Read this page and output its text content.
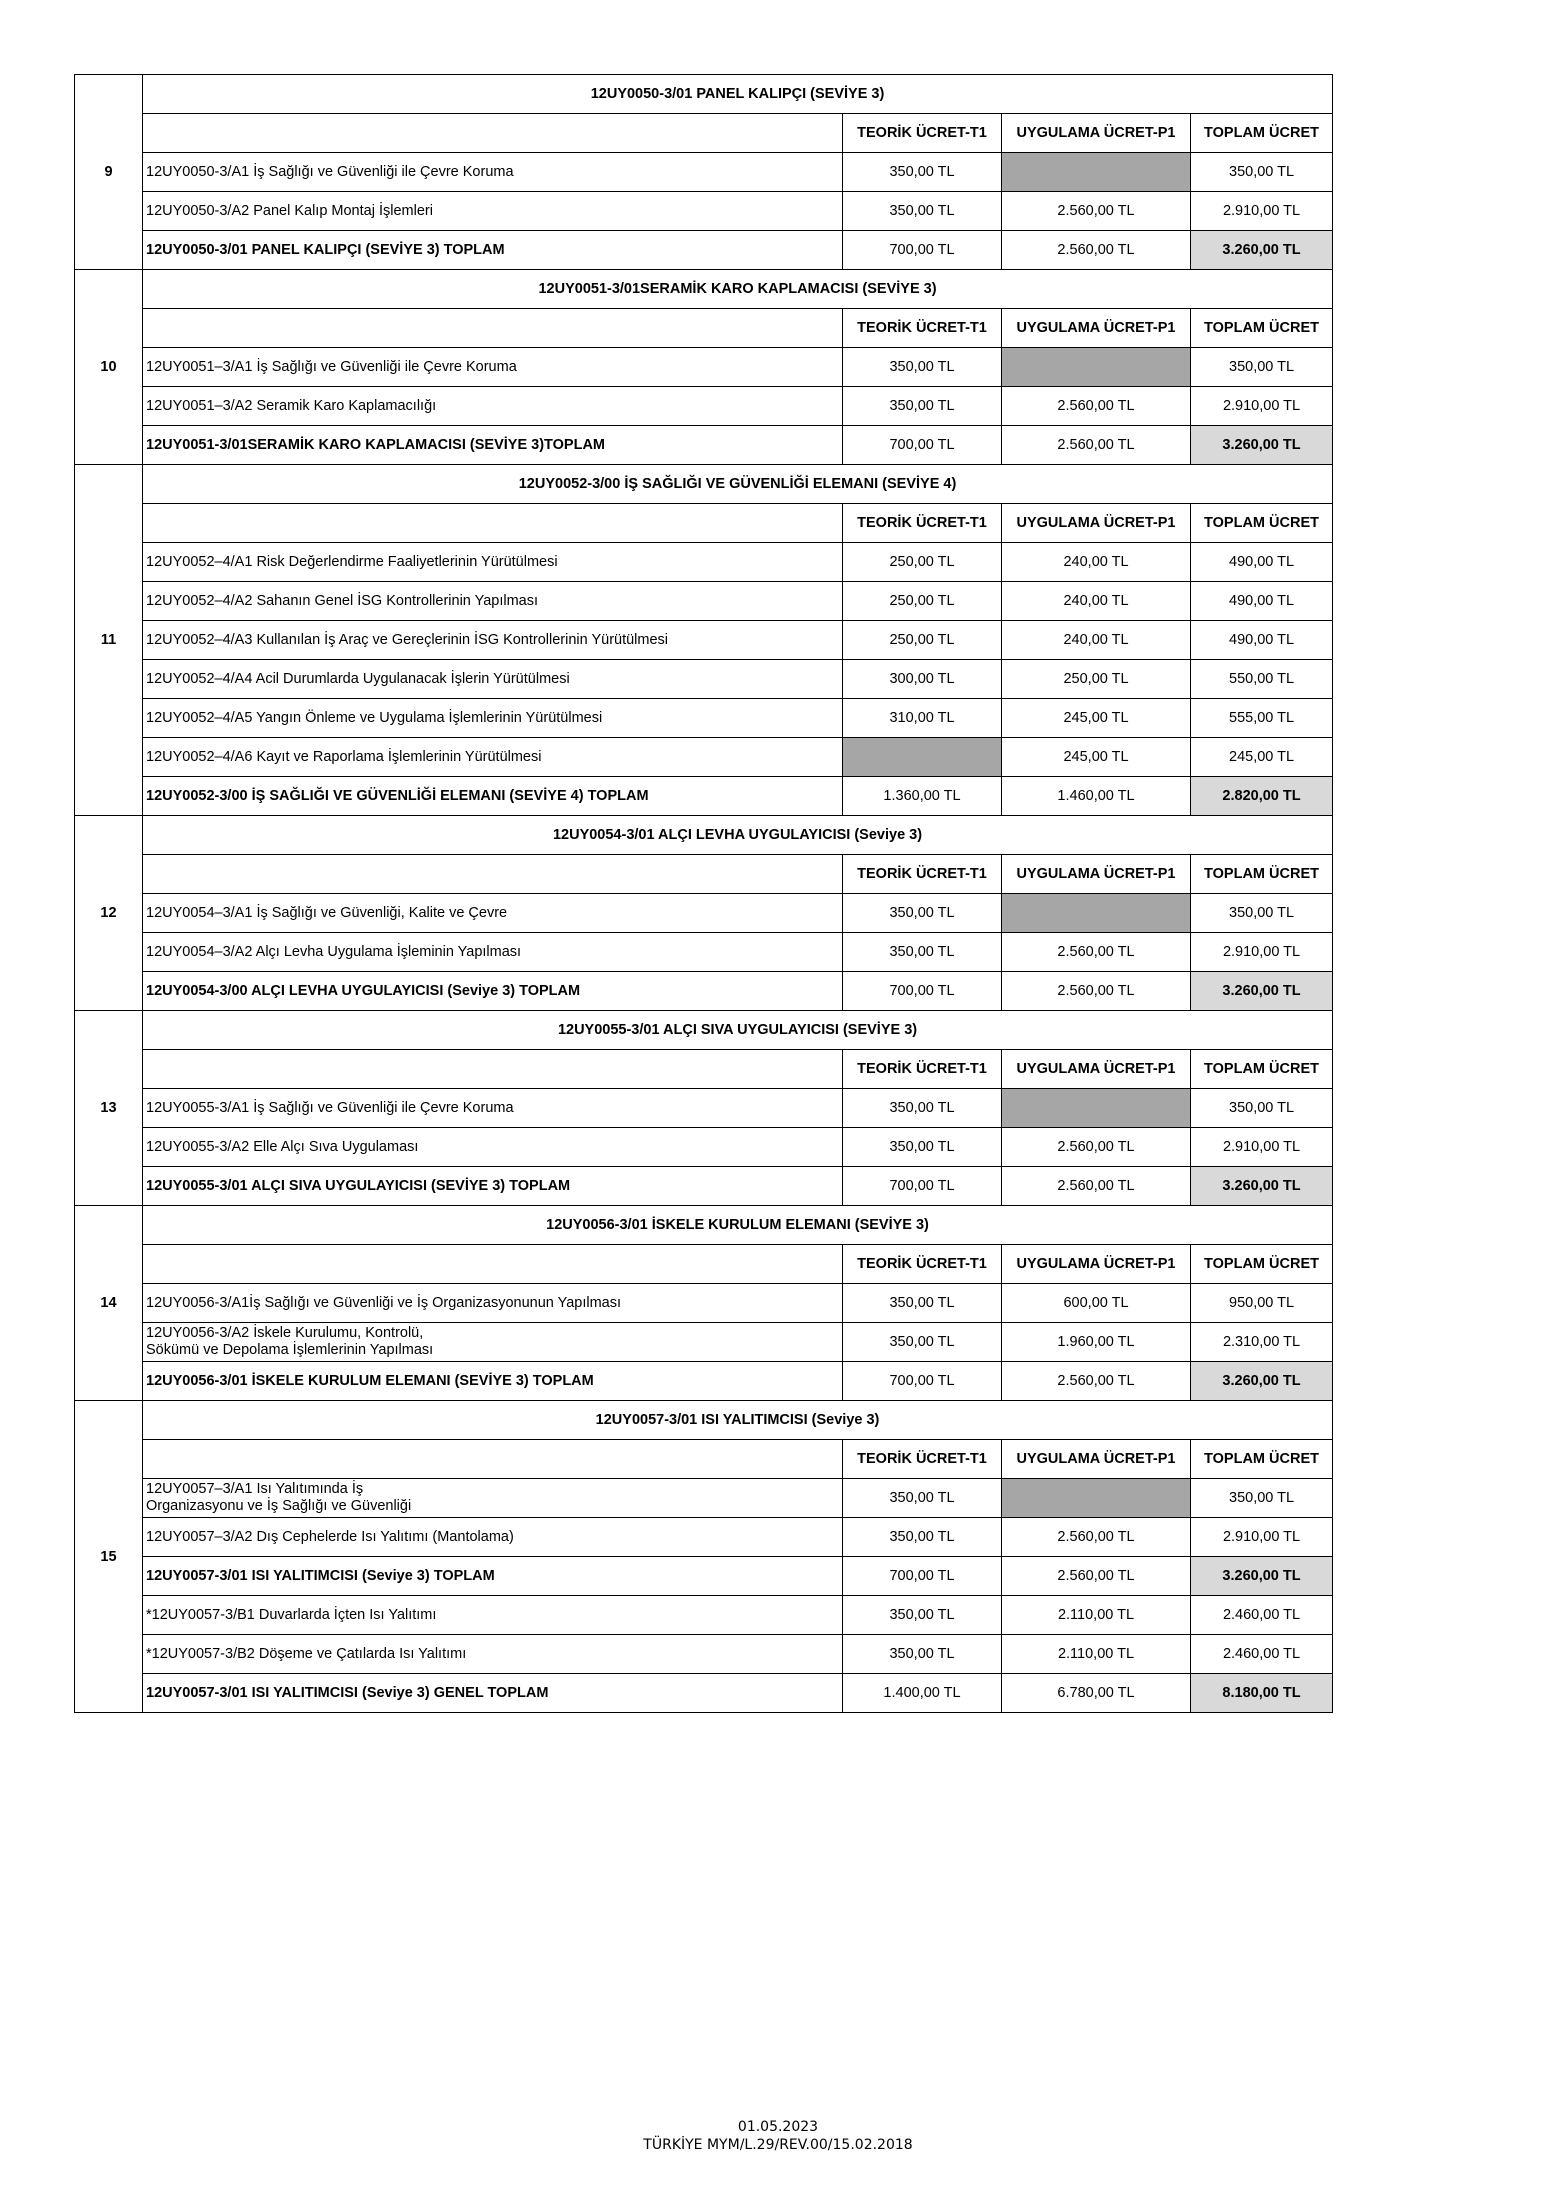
9	12UY0050-3/01 PANEL KALIPÇI (SEVİYE 3)			
		TEORİK ÜCRET-T1	UYGULAMA ÜCRET-P1	TOPLAM ÜCRET
	12UY0050-3/A1 İş Sağlığı ve Güvenliği ile Çevre Koruma	350,00 TL		350,00 TL
	12UY0050-3/A2 Panel Kalıp Montaj İşlemleri	350,00 TL	2.560,00 TL	2.910,00 TL
	12UY0050-3/01 PANEL KALIPÇI (SEVİYE 3) TOPLAM	700,00 TL	2.560,00 TL	3.260,00 TL
10	12UY0051-3/01SERAMİK KARO KAPLAMACISI (SEVİYE 3)			
		TEORİK ÜCRET-T1	UYGULAMA ÜCRET-P1	TOPLAM ÜCRET
	12UY0051–3/A1 İş Sağlığı ve Güvenliği ile Çevre Koruma	350,00 TL		350,00 TL
	12UY0051–3/A2 Seramik Karo Kaplamacılığı	350,00 TL	2.560,00 TL	2.910,00 TL
	12UY0051-3/01SERAMİK KARO KAPLAMACISI (SEVİYE 3)TOPLAM	700,00 TL	2.560,00 TL	3.260,00 TL
11	12UY0052-3/00 İŞ SAĞLIĞI VE GÜVENLİĞİ ELEMANI (SEVİYE 4)			
		TEORİK ÜCRET-T1	UYGULAMA ÜCRET-P1	TOPLAM ÜCRET
	12UY0052–4/A1 Risk Değerlendirme Faaliyetlerinin Yürütülmesi	250,00 TL	240,00 TL	490,00 TL
	12UY0052–4/A2 Sahanın Genel İSG Kontrollerinin Yapılması	250,00 TL	240,00 TL	490,00 TL
	12UY0052–4/A3 Kullanılan İş Araç ve Gereçlerinin İSG Kontrollerinin Yürütülmesi	250,00 TL	240,00 TL	490,00 TL
	12UY0052–4/A4 Acil Durumlarda Uygulanacak İşlerin Yürütülmesi	300,00 TL	250,00 TL	550,00 TL
	12UY0052–4/A5 Yangın Önleme ve Uygulama İşlemlerinin Yürütülmesi	310,00 TL	245,00 TL	555,00 TL
	12UY0052–4/A6 Kayıt ve Raporlama İşlemlerinin Yürütülmesi		245,00 TL	245,00 TL
	12UY0052-3/00 İŞ SAĞLIĞI VE GÜVENLİĞİ ELEMANI (SEVİYE 4) TOPLAM	1.360,00 TL	1.460,00 TL	2.820,00 TL
12	12UY0054-3/01 ALÇI LEVHA UYGULAYICISI (Seviye 3)			
		TEORİK ÜCRET-T1	UYGULAMA ÜCRET-P1	TOPLAM ÜCRET
	12UY0054–3/A1 İş Sağlığı ve Güvenliği, Kalite ve Çevre	350,00 TL		350,00 TL
	12UY0054–3/A2 Alçı Levha Uygulama İşleminin Yapılması	350,00 TL	2.560,00 TL	2.910,00 TL
	12UY0054-3/00 ALÇI LEVHA UYGULAYICISI (Seviye 3) TOPLAM	700,00 TL	2.560,00 TL	3.260,00 TL
13	12UY0055-3/01 ALÇI SIVA UYGULAYICISI (SEVİYE 3)			
		TEORİK ÜCRET-T1	UYGULAMA ÜCRET-P1	TOPLAM ÜCRET
	12UY0055-3/A1 İş Sağlığı ve Güvenliği ile Çevre Koruma	350,00 TL		350,00 TL
	12UY0055-3/A2 Elle Alçı Sıva Uygulaması	350,00 TL	2.560,00 TL	2.910,00 TL
	12UY0055-3/01 ALÇI SIVA UYGULAYICISI (SEVİYE 3) TOPLAM	700,00 TL	2.560,00 TL	3.260,00 TL
14	12UY0056-3/01 İSKELE KURULUM ELEMANI (SEVİYE 3)			
		TEORİK ÜCRET-T1	UYGULAMA ÜCRET-P1	TOPLAM ÜCRET
	12UY0056-3/A1İş Sağlığı ve Güvenliği ve İş Organizasyonunun Yapılması	350,00 TL	600,00 TL	950,00 TL
	12UY0056-3/A2 İskele Kurulumu, Kontrolü,
Sökümü ve Depolama İşlemlerinin Yapılması	350,00 TL	1.960,00 TL	2.310,00 TL
	12UY0056-3/01 İSKELE KURULUM ELEMANI (SEVİYE 3) TOPLAM	700,00 TL	2.560,00 TL	3.260,00 TL
15	12UY0057-3/01 ISI YALITIMCISI (Seviye 3)			
		TEORİK ÜCRET-T1	UYGULAMA ÜCRET-P1	TOPLAM ÜCRET
	12UY0057–3/A1 Isı Yalıtımında İş
Organizasyonu ve İş Sağlığı ve Güvenliği	350,00 TL		350,00 TL
	12UY0057–3/A2 Dış Cephelerde Isı Yalıtımı (Mantolama)	350,00 TL	2.560,00 TL	2.910,00 TL
	12UY0057-3/01 ISI YALITIMCISI (Seviye 3) TOPLAM	700,00 TL	2.560,00 TL	3.260,00 TL
	*12UY0057-3/B1 Duvarlarda İçten Isı Yalıtımı	350,00 TL	2.110,00 TL	2.460,00 TL
	*12UY0057-3/B2 Döşeme ve Çatılarda Isı Yalıtımı	350,00 TL	2.110,00 TL	2.460,00 TL
	12UY0057-3/01 ISI YALITIMCISI (Seviye 3) GENEL TOPLAM	1.400,00 TL	6.780,00 TL	8.180,00 TL
01.05.2023
TÜRKİYE MYM/L.29/REV.00/15.02.2018
